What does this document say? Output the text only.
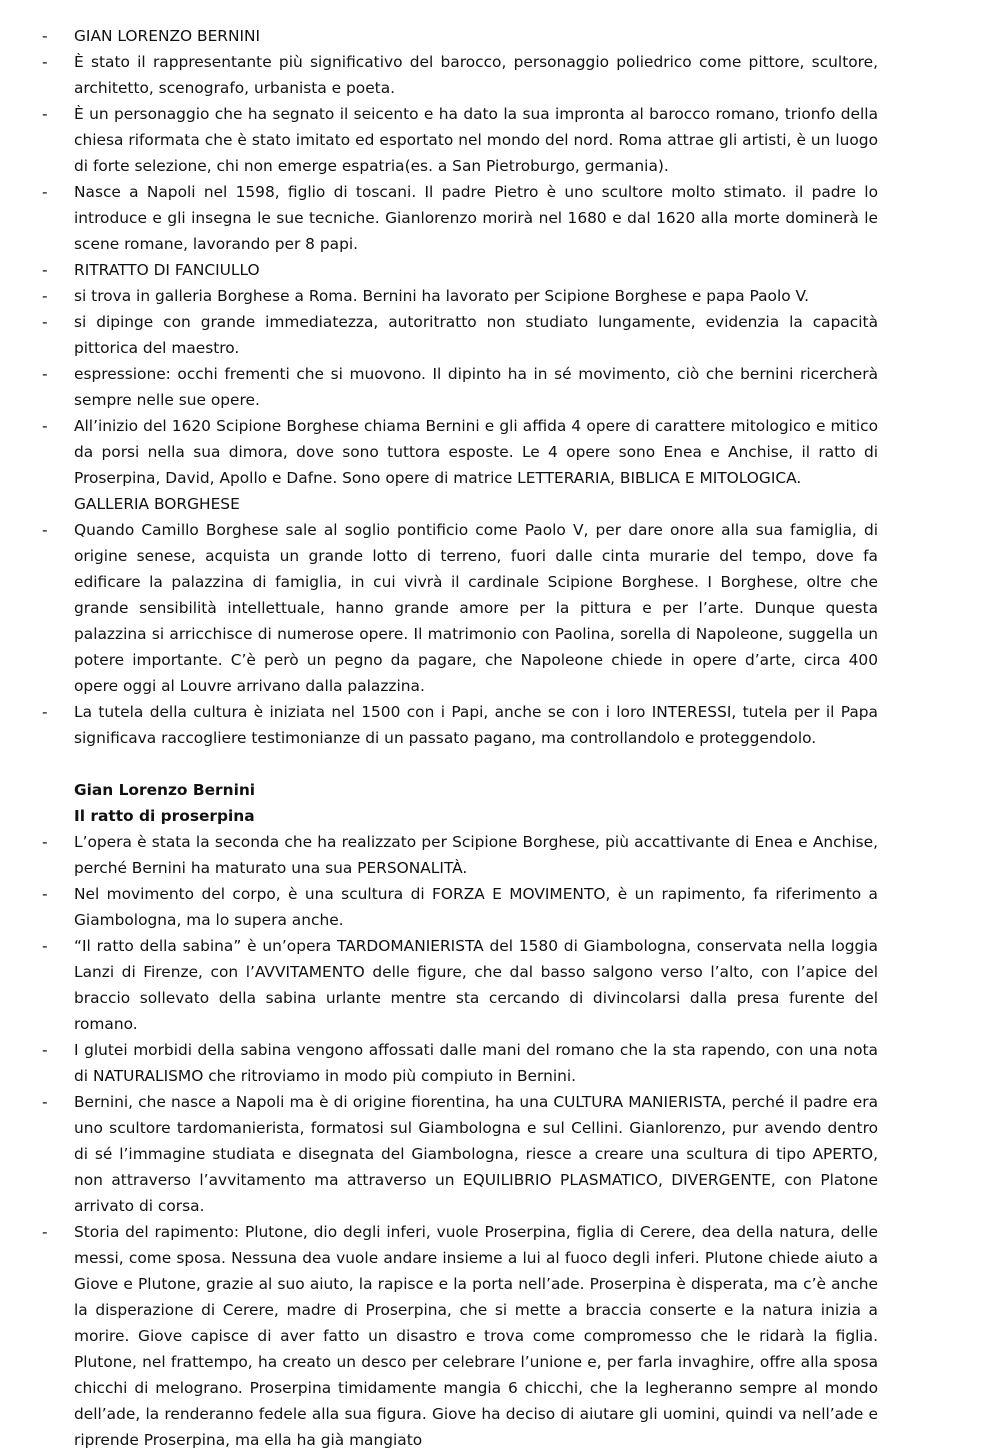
- GIAN LORENZO BERNINI
- È stato il rappresentante più significativo del barocco, personaggio poliedrico come pittore, scultore, architetto, scenografo, urbanista e poeta.
- È un personaggio che ha segnato il seicento e ha dato la sua impronta al barocco romano, trionfo della chiesa riformata che è stato imitato ed esportato nel mondo del nord. Roma attrae gli artisti, è un luogo di forte selezione, chi non emerge espatria(es. a San Pietroburgo, germania).
- Nasce a Napoli nel 1598, figlio di toscani. Il padre Pietro è uno scultore molto stimato. il padre lo introduce e gli insegna le sue tecniche. Gianlorenzo morirà nel 1680 e dal 1620 alla morte dominerà le scene romane, lavorando per 8 papi.
- RITRATTO DI FANCIULLO
- si trova in galleria Borghese a Roma. Bernini ha lavorato per Scipione Borghese e papa Paolo V.
- si dipinge con grande immediatezza, autoritratto non studiato lungamente, evidenzia la capacità pittorica del maestro.
- espressione: occhi frementi che si muovono. Il dipinto ha in sé movimento, ciò che bernini ricercherà sempre nelle sue opere.
- All’inizio del 1620 Scipione Borghese chiama Bernini e gli affida 4 opere di carattere mitologico e mitico da porsi nella sua dimora, dove sono tuttora esposte. Le 4 opere sono Enea e Anchise, il ratto di Proserpina, David, Apollo e Dafne. Sono opere di matrice LETTERARIA, BIBLICA E MITOLOGICA.
GALLERIA BORGHESE
- Quando Camillo Borghese sale al soglio pontificio come Paolo V, per dare onore alla sua famiglia, di origine senese, acquista un grande lotto di terreno, fuori dalle cinta murarie del tempo, dove fa edificare la palazzina di famiglia, in cui vivrà il cardinale Scipione Borghese. I Borghese, oltre che grande sensibilità intellettuale, hanno grande amore per la pittura e per l’arte. Dunque questa palazzina si arricchisce di numerose opere. Il matrimonio con Paolina, sorella di Napoleone, suggella un potere importante. C’è però un pegno da pagare, che Napoleone chiede in opere d’arte, circa 400 opere oggi al Louvre arrivano dalla palazzina.
- La tutela della cultura è iniziata nel 1500 con i Papi, anche se con i loro INTERESSI, tutela per il Papa significava raccogliere testimonianze di un passato pagano, ma controllandolo e proteggendolo.
Gian Lorenzo Bernini
Il ratto di proserpina
- L’opera è stata la seconda che ha realizzato per Scipione Borghese, più accattivante di Enea e Anchise, perché Bernini ha maturato una sua PERSONALITÀ.
- Nel movimento del corpo, è una scultura di FORZA E MOVIMENTO, è un rapimento, fa riferimento a Giambologna, ma lo supera anche.
- “Il ratto della sabina” è un’opera TARDOMANIERISTA del 1580 di Giambologna, conservata nella loggia Lanzi di Firenze, con l’AVVITAMENTO delle figure, che dal basso salgono verso l’alto, con l’apice del braccio sollevato della sabina urlante mentre sta cercando di divincolarsi dalla presa furente del romano.
- I glutei morbidi della sabina vengono affossati dalle mani del romano che la sta rapendo, con una nota di NATURALISMO che ritroviamo in modo più compiuto in Bernini.
- Bernini, che nasce a Napoli ma è di origine fiorentina, ha una CULTURA MANIERISTA, perché il padre era uno scultore tardomanierista, formatosi sul Giambologna e sul Cellini. Gianlorenzo, pur avendo dentro di sé l’immagine studiata e disegnata del Giambologna, riesce a creare una scultura di tipo APERTO, non attraverso l’avvitamento ma attraverso un EQUILIBRIO PLASMATICO, DIVERGENTE, con Platone arrivato di corsa.
- Storia del rapimento: Plutone, dio degli inferi, vuole Proserpina, figlia di Cerere, dea della natura, delle messi, come sposa. Nessuna dea vuole andare insieme a lui al fuoco degli inferi. Plutone chiede aiuto a Giove e Plutone, grazie al suo aiuto, la rapisce e la porta nell’ade. Proserpina è disperata, ma c’è anche la disperazione di Cerere, madre di Proserpina, che si mette a braccia conserte e la natura inizia a morire. Giove capisce di aver fatto un disastro e trova come compromesso che le ridarà la figlia. Plutone, nel frattempo, ha creato un desco per celebrare l’unione e, per farla invaghire, offre alla sposa chicchi di melograno. Proserpina timidamente mangia 6 chicchi, che la legheranno sempre al mondo dell’ade, la renderanno fedele alla sua figura. Giove ha deciso di aiutare gli uomini, quindi va nell’ade e riprende Proserpina, ma ella ha già mangiato
